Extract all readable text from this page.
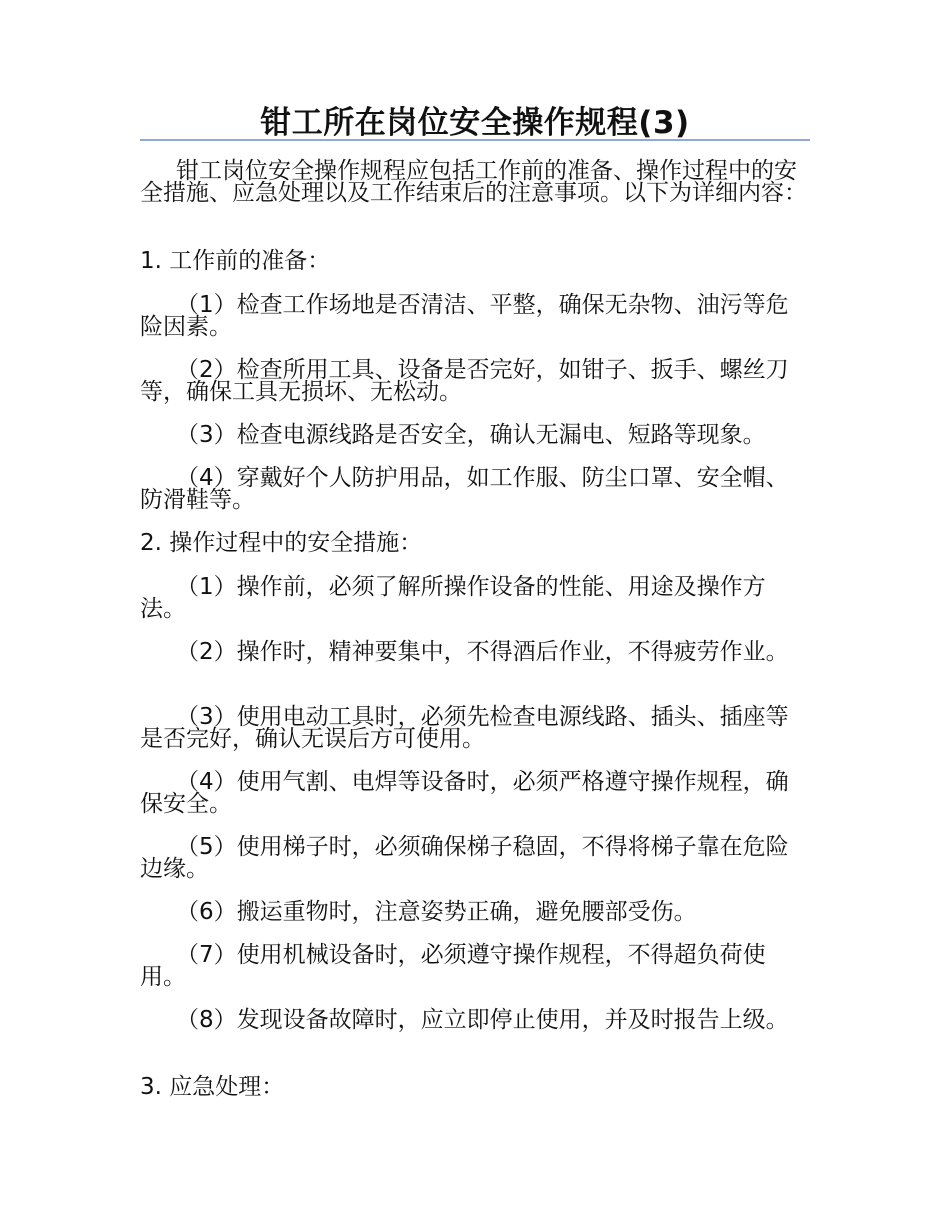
钳工所在岗位安全操作规程(3)

钳工岗位安全操作规程应包括工作前的准备、操作过程中的安全措施、应急处理以及工作结束后的注意事项。以下为详细内容：

1. 工作前的准备：

（1）检查工作场地是否清洁、平整，确保无杂物、油污等危险因素。

（2）检查所用工具、设备是否完好，如钳子、扳手、螺丝刀等，确保工具无损坏、无松动。

（3）检查电源线路是否安全，确认无漏电、短路等现象。

（4）穿戴好个人防护用品，如工作服、防尘口罩、安全帽、防滑鞋等。

2. 操作过程中的安全措施：

（1）操作前，必须了解所操作设备的性能、用途及操作方法。

（2）操作时，精神要集中，不得酒后作业，不得疲劳作业。

（3）使用电动工具时，必须先检查电源线路、插头、插座等是否完好，确认无误后方可使用。

（4）使用气割、电焊等设备时，必须严格遵守操作规程，确保安全。

（5）使用梯子时，必须确保梯子稳固，不得将梯子靠在危险边缘。

（6）搬运重物时，注意姿势正确，避免腰部受伤。

（7）使用机械设备时，必须遵守操作规程，不得超负荷使用。

（8）发现设备故障时，应立即停止使用，并及时报告上级。

3. 应急处理：
